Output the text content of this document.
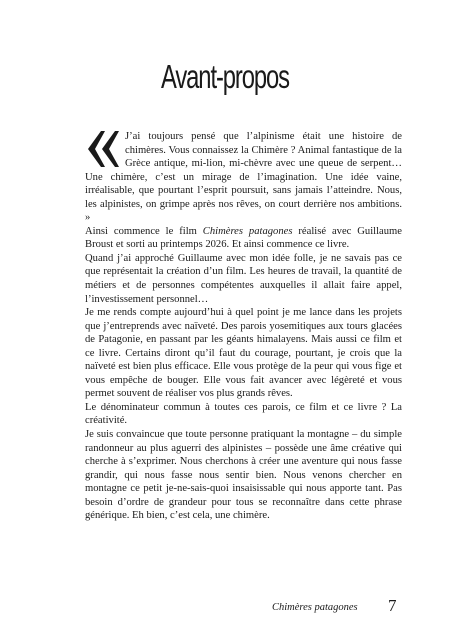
Avant-propos

J’ai toujours pensé que l’alpinisme était une histoire de chimères. Vous connaissez la Chimère ? Animal fantastique de la Grèce antique, mi-lion, mi-chèvre avec une queue de serpent… Une chimère, c’est un mirage de l’imagination. Une idée vaine, irréalisable, que pourtant l’esprit poursuit, sans jamais l’atteindre. Nous, les alpinistes, on grimpe après nos rêves, on court derrière nos ambitions. »

Ainsi commence le film Chimères patagones réalisé avec Guillaume Broust et sorti au printemps 2026. Et ainsi commence ce livre.

Quand j’ai approché Guillaume avec mon idée folle, je ne savais pas ce que représentait la création d’un film. Les heures de travail, la quantité de métiers et de personnes compétentes auxquelles il allait faire appel, l’investissement personnel…

Je me rends compte aujourd’hui à quel point je me lance dans les projets que j’entreprends avec naïveté. Des parois yosemitiques aux tours glacées de Patagonie, en passant par les géants himalayens. Mais aussi ce film et ce livre. Certains diront qu’il faut du courage, pourtant, je crois que la naïveté est bien plus efficace. Elle vous protège de la peur qui vous fige et vous empêche de bouger. Elle vous fait avancer avec légèreté et vous permet souvent de réaliser vos plus grands rêves.

Le dénominateur commun à toutes ces parois, ce film et ce livre ? La créativité.

Je suis convaincue que toute personne pratiquant la montagne – du simple randonneur au plus aguerri des alpinistes – possède une âme créative qui cherche à s’exprimer. Nous cherchons à créer une aventure qui nous fasse grandir, qui nous fasse nous sentir bien. Nous venons chercher en montagne ce petit je-ne-sais-quoi insaisissable qui nous apporte tant. Pas besoin d’ordre de grandeur pour tous se reconnaître dans cette phrase générique. Eh bien, c’est cela, une chimère.

Chimères patagones 7
